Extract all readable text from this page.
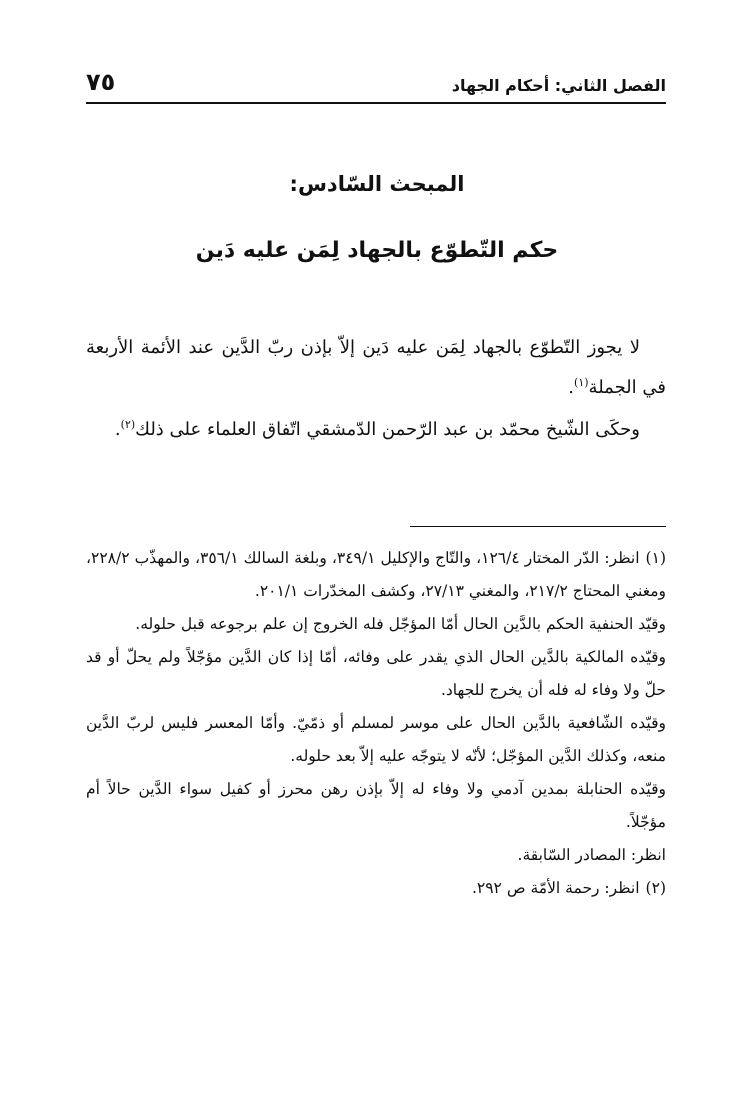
الفصل الثاني: أحكام الجهاد
٧٥
المبحث السّادس:
حكم التّطوّع بالجهاد لِمَن عليه دَين

لا يجوز التّطوّع بالجهاد لِمَن عليه دَين إلاّ بإذن ربّ الدَّين عند الأئمة الأربعة في الجملة$^{(١)}$.

وحكَى الشّيخ محمّد بن عبد الرّحمن الدّمشقي اتّفاق العلماء على ذلك$^{(٢)}$.

(١)انظر: الدّر المختار ١٢٦/٤، والتّاج والإكليل ٣٤٩/١، وبلغة السالك ٣٥٦/١، والمهذّب ٢٢٨/٢، ومغني المحتاج ٢١٧/٢، والمغني ٢٧/١٣، وكشف المخدّرات ٢٠١/١.

وقيّد الحنفية الحكم بالدَّين الحال أمّا المؤجّل فله الخروج إن علم برجوعه قبل حلوله.

وقيّده المالكية بالدَّين الحال الذي يقدر على وفائه، أمّا إذا كان الدَّين مؤجّلاً ولم يحلّ أو قد حلّ ولا وفاء له فله أن يخرج للجهاد.

وقيّده الشّافعية بالدَّين الحال على موسر لمسلم أو ذمّيّ. وأمّا المعسر فليس لربّ الدَّين منعه، وكذلك الدَّين المؤجّل؛ لأنّه لا يتوجّه عليه إلاّ بعد حلوله.

وقيّده الحنابلة بمدين آدمي ولا وفاء له إلاّ بإذن رهن محرز أو كفيل سواء الدَّين حالاً أم مؤجّلاً.

انظر: المصادر السّابقة.

(٢)انظر: رحمة الأمّة ص ٢٩٢.
